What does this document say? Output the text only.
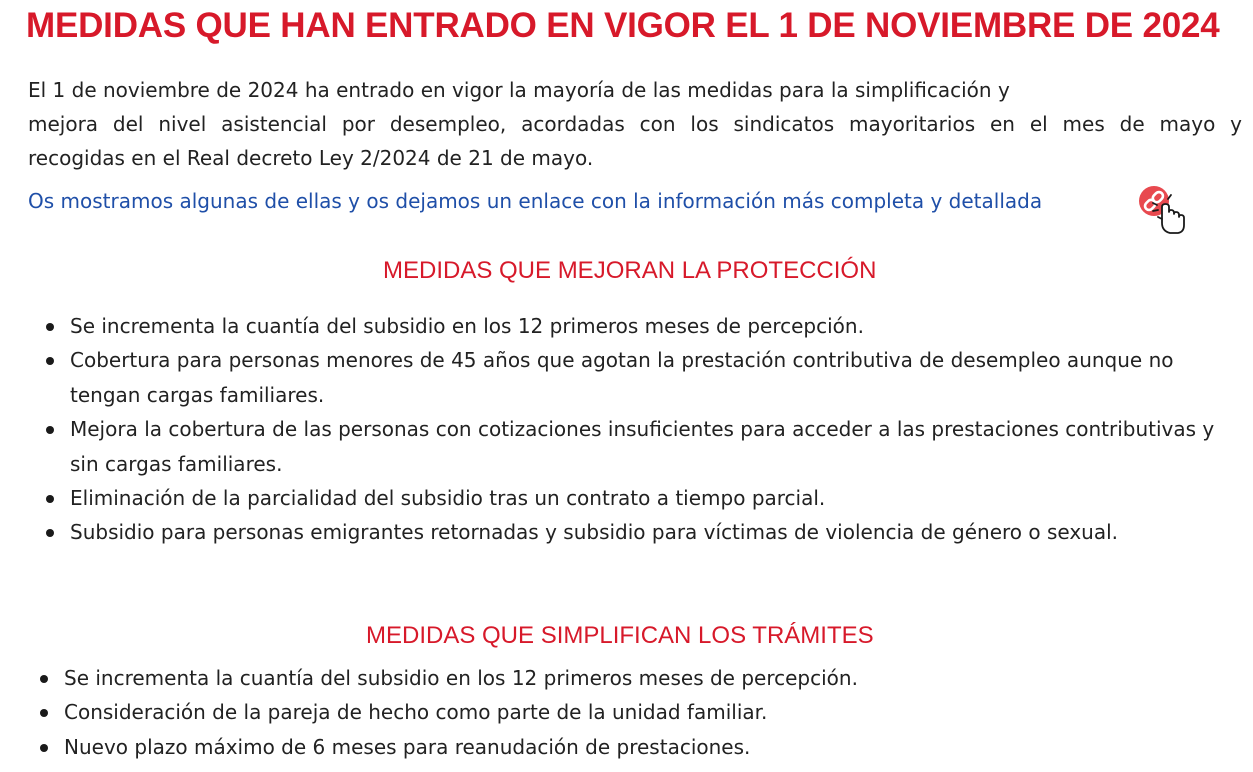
MEDIDAS QUE HAN ENTRADO EN VIGOR EL 1 DE NOVIEMBRE DE 2024

El 1 de noviembre de 2024 ha entrado en vigor la mayoría de las medidas para la simplificación y
mejora del nivel asistencial por desempleo, acordadas con los sindicatos mayoritarios en el mes de mayo y
recogidas en el Real decreto Ley 2/2024 de 21 de mayo.

Os mostramos algunas de ellas y os dejamos un enlace con la información más completa y detallada
MEDIDAS QUE MEJORAN LA PROTECCIÓN
Se incrementa la cuantía del subsidio en los 12 primeros meses de percepción.
Cobertura para personas menores de 45 años que agotan la prestación contributiva de desempleo aunque no tengan cargas familiares.
Mejora la cobertura de las personas con cotizaciones insuficientes para acceder a las prestaciones contributivas y sin cargas familiares.
Eliminación de la parcialidad del subsidio tras un contrato a tiempo parcial.
Subsidio para personas emigrantes retornadas y subsidio para víctimas de violencia de género o sexual.
MEDIDAS QUE SIMPLIFICAN LOS TRÁMITES
Se incrementa la cuantía del subsidio en los 12 primeros meses de percepción.
Consideración de la pareja de hecho como parte de la unidad familiar.
Nuevo plazo máximo de 6 meses para reanudación de prestaciones.
